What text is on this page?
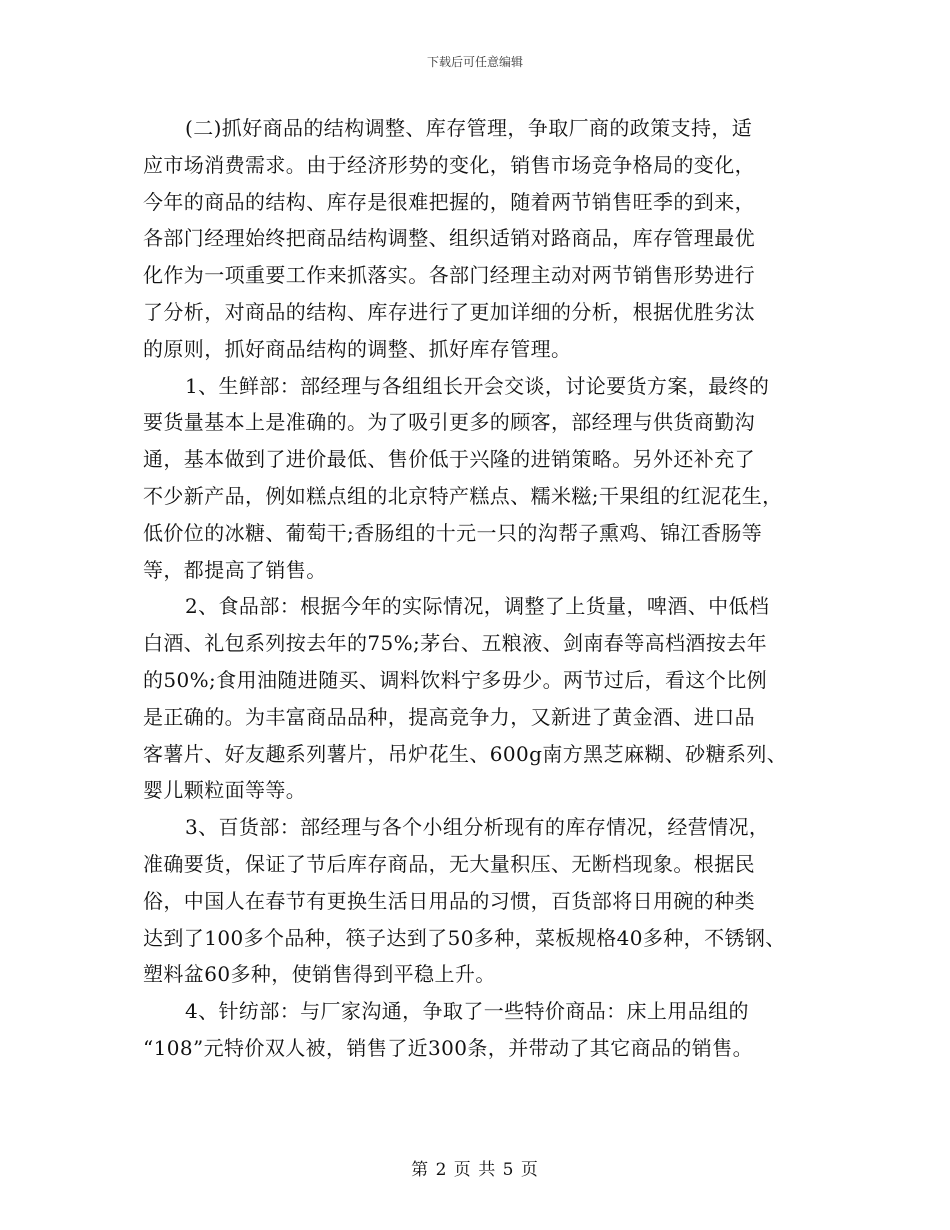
下载后可任意编辑

(二)抓好商品的结构调整、库存管理，争取厂商的政策支持，适
应市场消费需求。由于经济形势的变化，销售市场竞争格局的变化，
今年的商品的结构、库存是很难把握的，随着两节销售旺季的到来，
各部门经理始终把商品结构调整、组织适销对路商品，库存管理最优
化作为一项重要工作来抓落实。各部门经理主动对两节销售形势进行
了分析，对商品的结构、库存进行了更加详细的分析，根据优胜劣汰
的原则，抓好商品结构的调整、抓好库存管理。

1、生鲜部：部经理与各组组长开会交谈，讨论要货方案，最终的
要货量基本上是准确的。为了吸引更多的顾客，部经理与供货商勤沟
通，基本做到了进价最低、售价低于兴隆的进销策略。另外还补充了
不少新产品，例如糕点组的北京特产糕点、糯米糍;干果组的红泥花生，
低价位的冰糖、葡萄干;香肠组的十元一只的沟帮子熏鸡、锦江香肠等
等，都提高了销售。

2、食品部：根据今年的实际情况，调整了上货量，啤酒、中低档
白酒、礼包系列按去年的75%;茅台、五粮液、剑南春等高档酒按去年
的50%;食用油随进随买、调料饮料宁多毋少。两节过后，看这个比例
是正确的。为丰富商品品种，提高竞争力，又新进了黄金酒、进口品
客薯片、好友趣系列薯片，吊炉花生、600g南方黑芝麻糊、砂糖系列、
婴儿颗粒面等等。

3、百货部：部经理与各个小组分析现有的库存情况，经营情况，
准确要货，保证了节后库存商品，无大量积压、无断档现象。根据民
俗，中国人在春节有更换生活日用品的习惯，百货部将日用碗的种类
达到了100多个品种，筷子达到了50多种，菜板规格40多种，不锈钢、
塑料盆60多种，使销售得到平稳上升。

4、针纺部：与厂家沟通，争取了一些特价商品：床上用品组的
“108”元特价双人被，销售了近300条，并带动了其它商品的销售。

第 2 页 共 5 页
